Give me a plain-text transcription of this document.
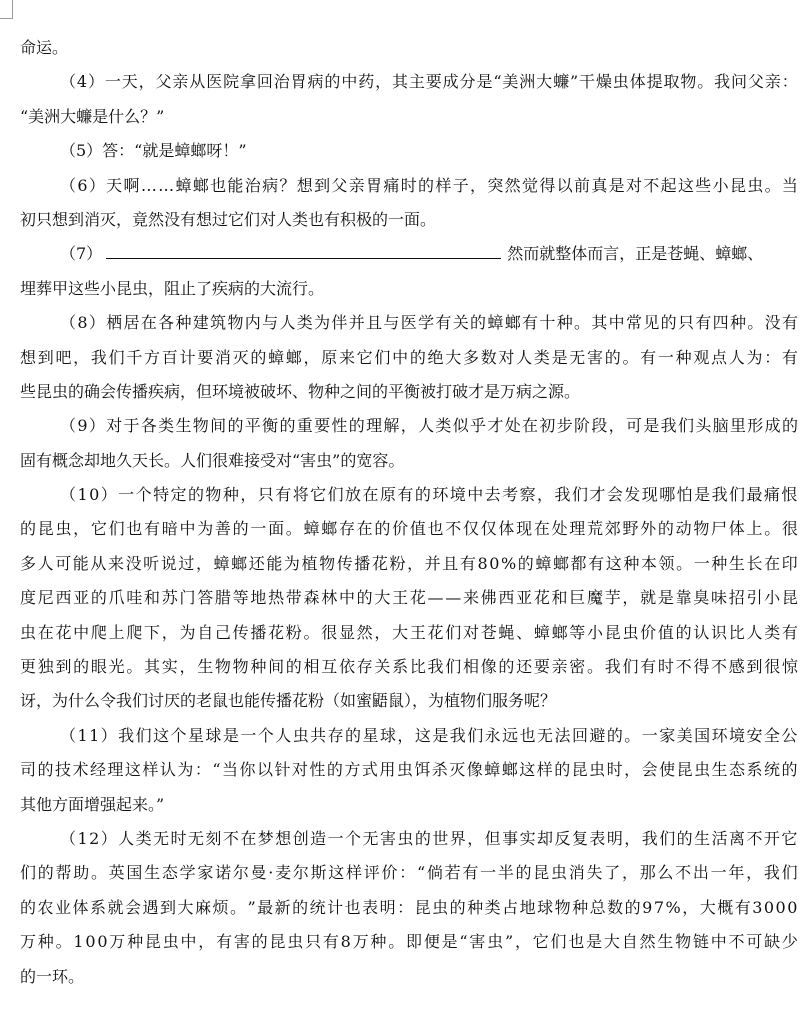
命运。
（ 4 ） 一 天 ， 父 亲 从 医 院 拿 回 治 胃 病 的 中 药 ， 其 主 要 成 分 是 “ 美 洲 大 蠊 ” 干 燥 虫 体 提 取 物 。 我 问 父 亲 ：
“美洲大蠊是什么？”
（5）答：“就是蟑螂呀！”
（ 6 ） 天 啊 … … 蟑 螂 也 能 治 病 ？ 想 到 父 亲 胃 痛 时 的 样 子 ， 突 然 觉 得 以 前 真 是 对 不 起 这 些 小 昆 虫 。 当
初只想到消灭，竟然没有想过它们对人类也有积极的一面。
（7）	然而就整体而言，正是苍蝇、蟑螂、
埋葬甲这些小昆虫，阻止了疾病的大流行。
（ 8 ） 栖 居 在 各 种 建 筑 物 内 与 人 类 为 伴 并 且 与 医 学 有 关 的 蟑 螂 有 十 种 。 其 中 常 见 的 只 有 四 种 。 没 有
想 到 吧 ， 我 们 千 方 百 计 要 消 灭 的 蟑 螂 ， 原 来 它 们 中 的 绝 大 多 数 对 人 类 是 无 害 的 。 有 一 种 观 点 人 为 ： 有
些昆虫的确会传播疾病，但环境被破坏、物种之间的平衡被打破才是万病之源。
（ 9 ） 对 于 各 类 生 物 间 的 平 衡 的 重 要 性 的 理 解 ， 人 类 似 乎 才 处 在 初 步 阶 段 ， 可 是 我 们 头 脑 里 形 成 的
固有概念却地久天长。人们很难接受对“害虫”的宽容。
（ 1 0 ） 一 个 特 定 的 物 种 ， 只 有 将 它 们 放 在 原 有 的 环 境 中 去 考 察 ， 我 们 才 会 发 现 哪 怕 是 我 们 最 痛 恨
的 昆 虫 ， 它 们 也 有 暗 中 为 善 的 一 面 。 蟑 螂 存 在 的 价 值 也 不 仅 仅 体 现 在 处 理 荒 郊 野 外 的 动 物 尸 体 上 。 很
多 人 可 能 从 来 没 听 说 过 ， 蟑 螂 还 能 为 植 物 传 播 花 粉 ， 并 且 有 8 0 % 的 蟑 螂 都 有 这 种 本 领 。 一 种 生 长 在 印
度 尼 西 亚 的 爪 哇 和 苏 门 答 腊 等 地 热 带 森 林 中 的 大 王 花 — — 来 佛 西 亚 花 和 巨 魔 芋 ， 就 是 靠 臭 味 招 引 小 昆
虫 在 花 中 爬 上 爬 下 ， 为 自 己 传 播 花 粉 。 很 显 然 ， 大 王 花 们 对 苍 蝇 、 蟑 螂 等 小 昆 虫 价 值 的 认 识 比 人 类 有
更 独 到 的 眼 光 。 其 实 ， 生 物 物 种 间 的 相 互 依 存 关 系 比 我 们 相 像 的 还 要 亲 密 。 我 们 有 时 不 得 不 感 到 很 惊
讶，为什么令我们讨厌的老鼠也能传播花粉（如蜜鼯鼠），为植物们服务呢？
（ 1 1 ） 我 们 这 个 星 球 是 一 个 人 虫 共 存 的 星 球 ， 这 是 我 们 永 远 也 无 法 回 避 的 。 一 家 美 国 环 境 安 全 公
司 的 技 术 经 理 这 样 认 为 ： “ 当 你 以 针 对 性 的 方 式 用 虫 饵 杀 灭 像 蟑 螂 这 样 的 昆 虫 时 ， 会 使 昆 虫 生 态 系 统 的
其他方面增强起来。”
（ 1 2 ） 人 类 无 时 无 刻 不 在 梦 想 创 造 一 个 无 害 虫 的 世 界 ， 但 事 实 却 反 复 表 明 ， 我 们 的 生 活 离 不 开 它
们 的 帮 助 。 英 国 生 态 学 家 诺 尔 曼 · 麦 尔 斯 这 样 评 价 ： “ 倘 若 有 一 半 的 昆 虫 消 失 了 ， 那 么 不 出 一 年 ， 我 们
的 农 业 体 系 就 会 遇 到 大 麻 烦 。 ” 最 新 的 统 计 也 表 明 ： 昆 虫 的 种 类 占 地 球 物 种 总 数 的 9 7 % ， 大 概 有 3 0 0 0
万 种 。 1 0 0 万 种 昆 虫 中 ， 有 害 的 昆 虫 只 有 8 万 种 。 即 便 是 “ 害 虫 ” ， 它 们 也 是 大 自 然 生 物 链 中 不 可 缺 少
的一环。
